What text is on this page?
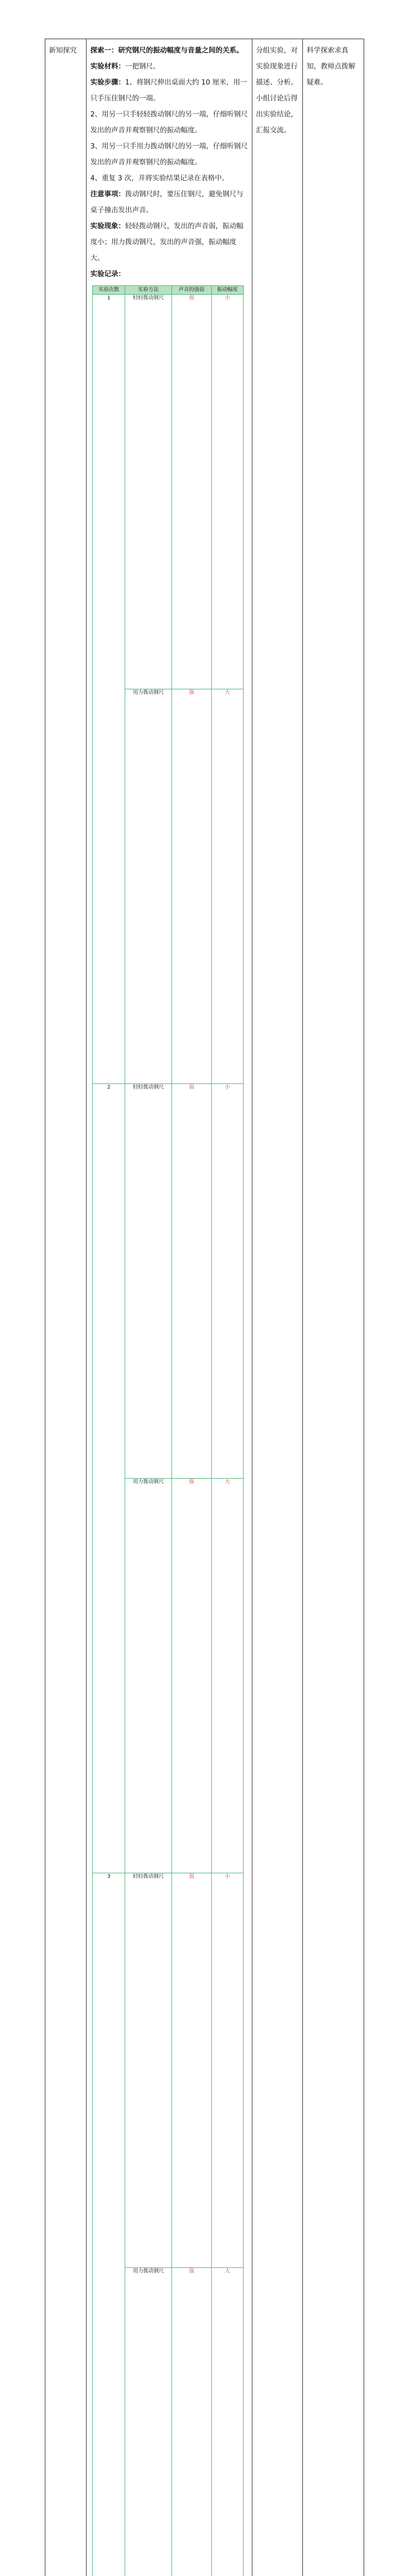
新知探究	探索一：研究钢尺的振动幅度与音量之间的关系。

实验材料：一把钢尺。

实验步骤：1、将钢尺伸出桌面大约 10 厘米，用一只手压住钢尺的一端。

2、用另一只手轻轻拨动钢尺的另一端，仔细听钢尺发出的声音并观察钢尺的振动幅度。

3、用另一只手用力拨动钢尺的另一端，仔细听钢尺发出的声音并观察钢尺的振动幅度。

4、重复 3 次，并将实验结果记录在表格中。

注意事项：拨动钢尺时，要压住钢尺，避免钢尺与桌子撞击发出声音。

实验现象：轻轻拨动钢尺，发出的声音弱，振动幅度小；用力拨动钢尺，发出的声音强，振动幅度大。

实验记录：

实验次数	实验方法	声音的强弱	振动幅度
1	轻轻拨动钢尺	弱	小
用力拨动钢尺	强	大
2	轻轻拨动钢尺	弱	小
用力拨动钢尺	强	大
3	轻轻拨动钢尺	弱	小
用力拨动钢尺	强	大

分组实验，对实验现象进行描述、分析。小组讨论后得出实验结论，汇报交流。

科学探索求真知，教师点拨解疑难。
